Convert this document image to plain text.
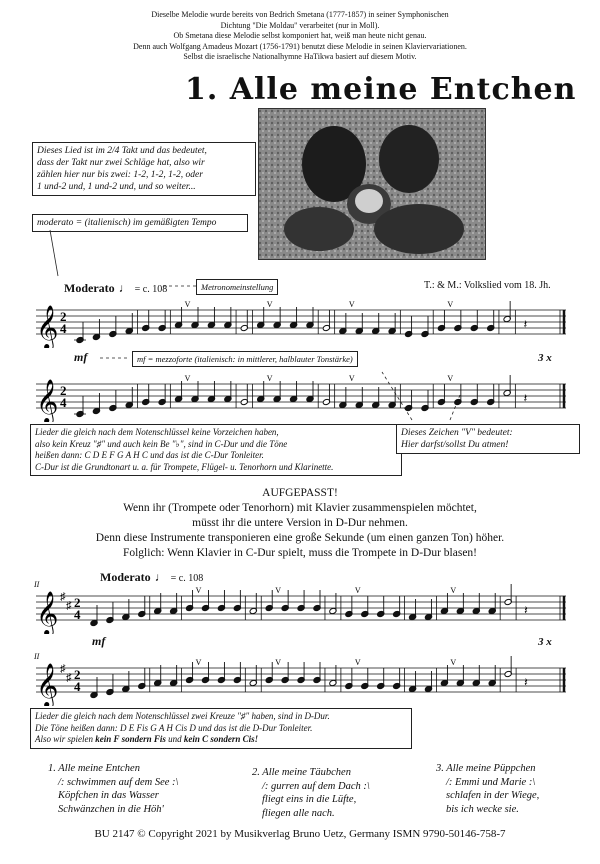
Dieselbe Melodie wurde bereits von Bedrich Smetana (1777-1857) in seiner Symphonischen
Dichtung "Die Moldau" verarbeitet (nur in Moll).
Ob Smetana diese Melodie selbst komponiert hat, weiß man heute nicht genau.
Denn auch Wolfgang Amadeus Mozart (1756-1791) benutzt diese Melodie in seinen Klaviervariationen.
Selbst die israelische Nationalhymne HaTikwa basiert auf diesem Motiv.
1. Alle meine Entchen
Dieses Lied ist im 2/4 Takt und das bedeutet,
dass der Takt nur zwei Schläge hat, also wir
zählen hier nur bis zwei: 1-2, 1-2, 1-2, oder
1 und-2 und, 1 und-2 und, und so weiter...
moderato = (italienisch) im gemäßigten Tempo
Moderato ♩ = c. 108	Metronomeinstellung	T.: & M.: Volkslied vom 18. Jh.
𝄞 2
4
V	V	V	V
𝄽
mf	mf = mezzoforte (italienisch: in mittlerer, halblauter Tonstärke)	3 x
𝄞 2
4
V	V	V	V
𝄽
Lieder die gleich nach dem Notenschlüssel keine Vorzeichen haben,
also kein Kreuz "♯" und auch kein Be "♭", sind in C-Dur und die Töne
heißen dann: C D E F G A H C und das ist die C-Dur Tonleiter.
C-Dur ist die Grundtonart u. a. für Trompete, Flügel- u. Tenorhorn und Klarinette.
Dieses Zeichen "V" bedeutet:
Hier darfst/sollst Du atmen!
AUFGEPASST!
Wenn ihr (Trompete oder Tenorhorn) mit Klavier zusammenspielen möchtet,
müsst ihr die untere Version in D-Dur nehmen.
Denn diese Instrumente transponieren eine große Sekunde (um einen ganzen Ton) höher.
Folglich: Wenn Klavier in C-Dur spielt, muss die Trompete in D-Dur blasen!
II
Moderato ♩ = c. 108
𝄞 ♯
♯ 2
4
V	V	V	V
𝄽
mf	3 x
II
𝄞 ♯
♯ 2
4
V	V	V	V
𝄽
Lieder die gleich nach dem Notenschlüssel zwei Kreuze "♯" haben, sind in D-Dur.
Die Töne heißen dann: D E Fis G A H Cis D und das ist die D-Dur Tonleiter.
Also wir spielen kein F sondern Fis und kein C sondern Cis!
1. Alle meine Entchen
/: schwimmen auf dem See :\
Köpfchen in das Wasser
Schwänzchen in die Höh'
2. Alle meine Täubchen
/: gurren auf dem Dach :\
fliegt eins in die Lüfte,
fliegen alle nach.
3. Alle meine Püppchen
/: Emmi und Marie :\
schlafen in der Wiege,
bis ich wecke sie.
BU 2147 © Copyright 2021 by Musikverlag Bruno Uetz, Germany ISMN 9790-50146-758-7
